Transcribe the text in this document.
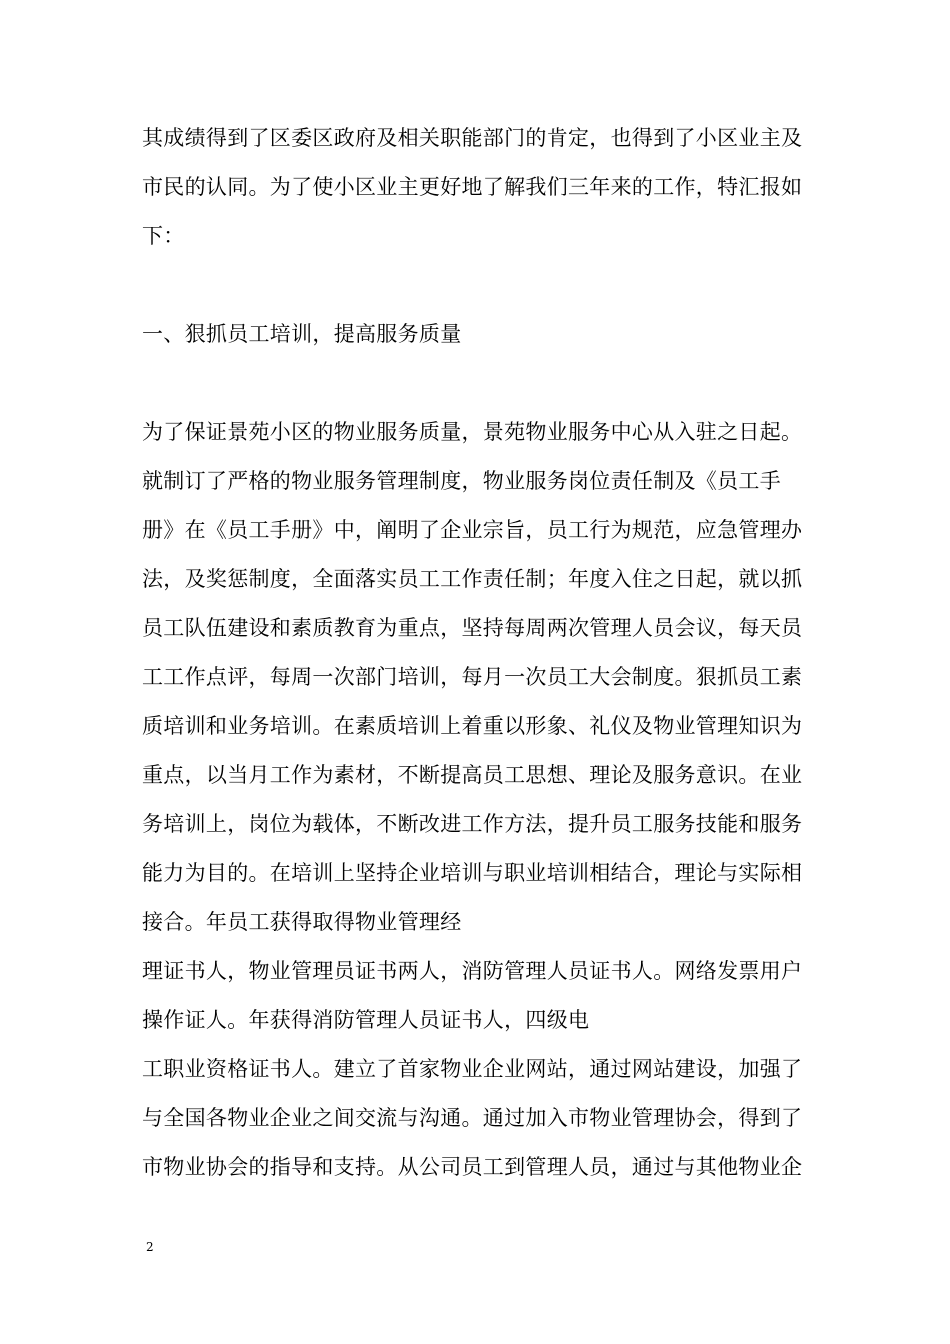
其成绩得到了区委区政府及相关职能部门的肯定，也得到了小区业主及
市民的认同。为了使小区业主更好地了解我们三年来的工作，特汇报如
下：
一、狠抓员工培训，提高服务质量
为了保证景苑小区的物业服务质量，景苑物业服务中心从入驻之日起。
就制订了严格的物业服务管理制度，物业服务岗位责任制及《员工手
册》在《员工手册》中，阐明了企业宗旨，员工行为规范，应急管理办
法，及奖惩制度，全面落实员工工作责任制；年度入住之日起，就以抓
员工队伍建设和素质教育为重点，坚持每周两次管理人员会议，每天员
工工作点评，每周一次部门培训，每月一次员工大会制度。狠抓员工素
质培训和业务培训。在素质培训上着重以形象、礼仪及物业管理知识为
重点，以当月工作为素材，不断提高员工思想、理论及服务意识。在业
务培训上，岗位为载体，不断改进工作方法，提升员工服务技能和服务
能力为目的。在培训上坚持企业培训与职业培训相结合，理论与实际相
接合。年员工获得取得物业管理经
理证书人，物业管理员证书两人，消防管理人员证书人。网络发票用户
操作证人。年获得消防管理人员证书人，四级电
工职业资格证书人。建立了首家物业企业网站，通过网站建设，加强了
与全国各物业企业之间交流与沟通。通过加入市物业管理协会，得到了
市物业协会的指导和支持。从公司员工到管理人员，通过与其他物业企
2
